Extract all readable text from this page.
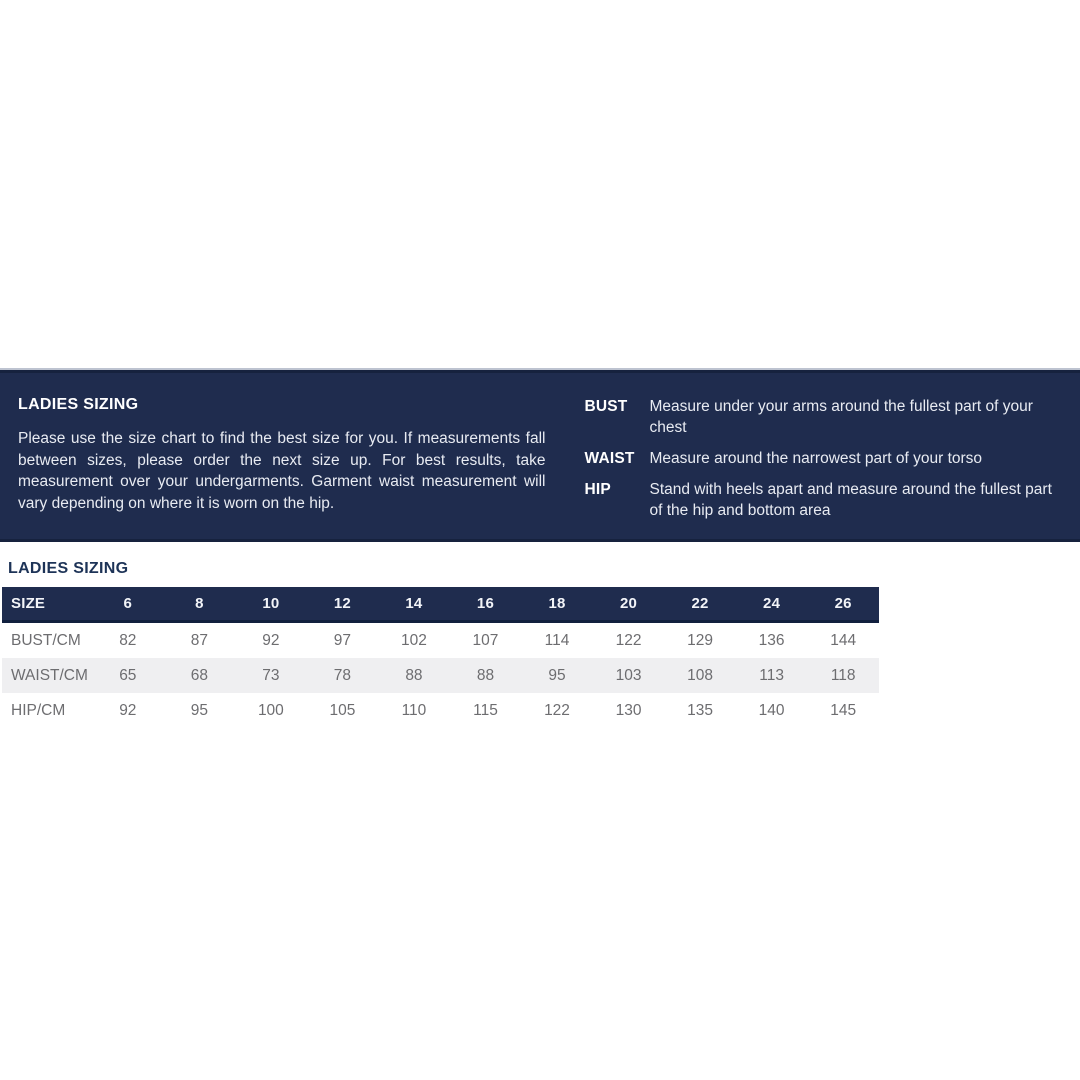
LADIES SIZING
Please use the size chart to find the best size for you. If measurements fall between sizes, please order the next size up. For best results, take measurement over your undergarments. Garment waist measurement will vary depending on where it is worn on the hip.
BUST	Measure under your arms around the fullest part of your chest
WAIST Measure around the narrowest part of your torso
HIP	Stand with heels apart and measure around the fullest part of the hip and bottom area
LADIES SIZING
SIZE	6	8	10	12	14	16	18	20	22	24	26
BUST/CM	82	87	92	97	102	107	114	122	129	136	144
WAIST/CM	65	68	73	78	88	88	95	103	108	113	118
HIP/CM	92	95	100	105	110	115	122	130	135	140	145
